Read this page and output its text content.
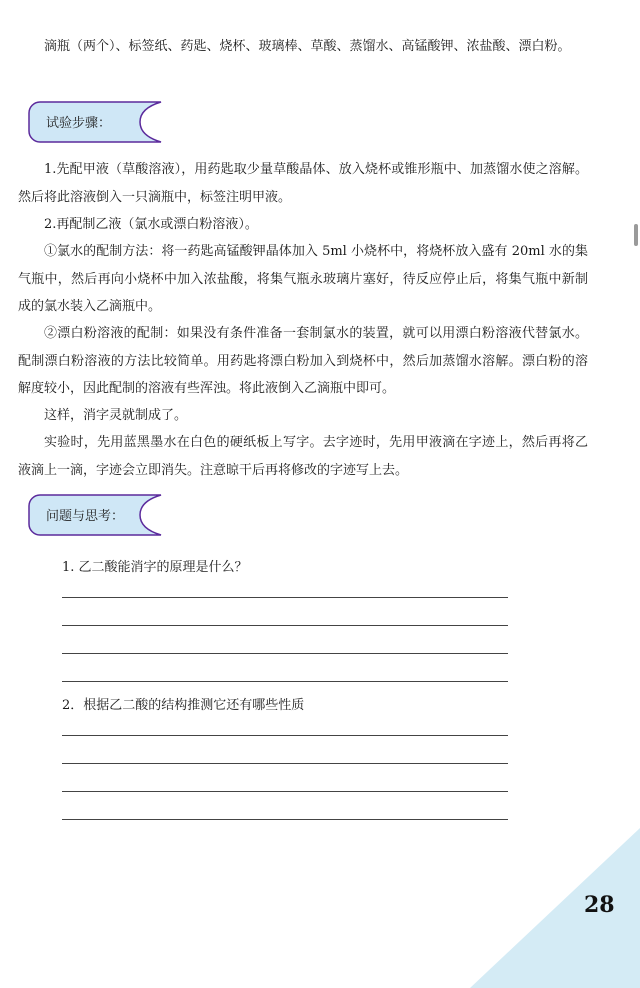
滴瓶（两个）、标签纸、药匙、烧杯、玻璃棒、草酸、蒸馏水、高锰酸钾、浓盐酸、漂白粉。

试验步骤：

1.先配甲液（草酸溶液），用药匙取少量草酸晶体、放入烧杯或锥形瓶中、加蒸馏水使之溶解。然后将此溶液倒入一只滴瓶中，标签注明甲液。

2.再配制乙液（氯水或漂白粉溶液）。

①氯水的配制方法：将一药匙高锰酸钾晶体加入 5ml 小烧杯中，将烧杯放入盛有 20ml 水的集气瓶中，然后再向小烧杯中加入浓盐酸，将集气瓶永玻璃片塞好，待反应停止后，将集气瓶中新制成的氯水装入乙滴瓶中。

②漂白粉溶液的配制：如果没有条件准备一套制氯水的装置，就可以用漂白粉溶液代替氯水。配制漂白粉溶液的方法比较简单。用药匙将漂白粉加入到烧杯中，然后加蒸馏水溶解。漂白粉的溶解度较小，因此配制的溶液有些浑浊。将此液倒入乙滴瓶中即可。

这样，消字灵就制成了。

实验时，先用蓝黑墨水在白色的硬纸板上写字。去字迹时，先用甲液滴在字迹上，然后再将乙液滴上一滴，字迹会立即消失。注意晾干后再将修改的字迹写上去。

问题与思考：

1. 乙二酸能消字的原理是什么？

2．根据乙二酸的结构推测它还有哪些性质

28
